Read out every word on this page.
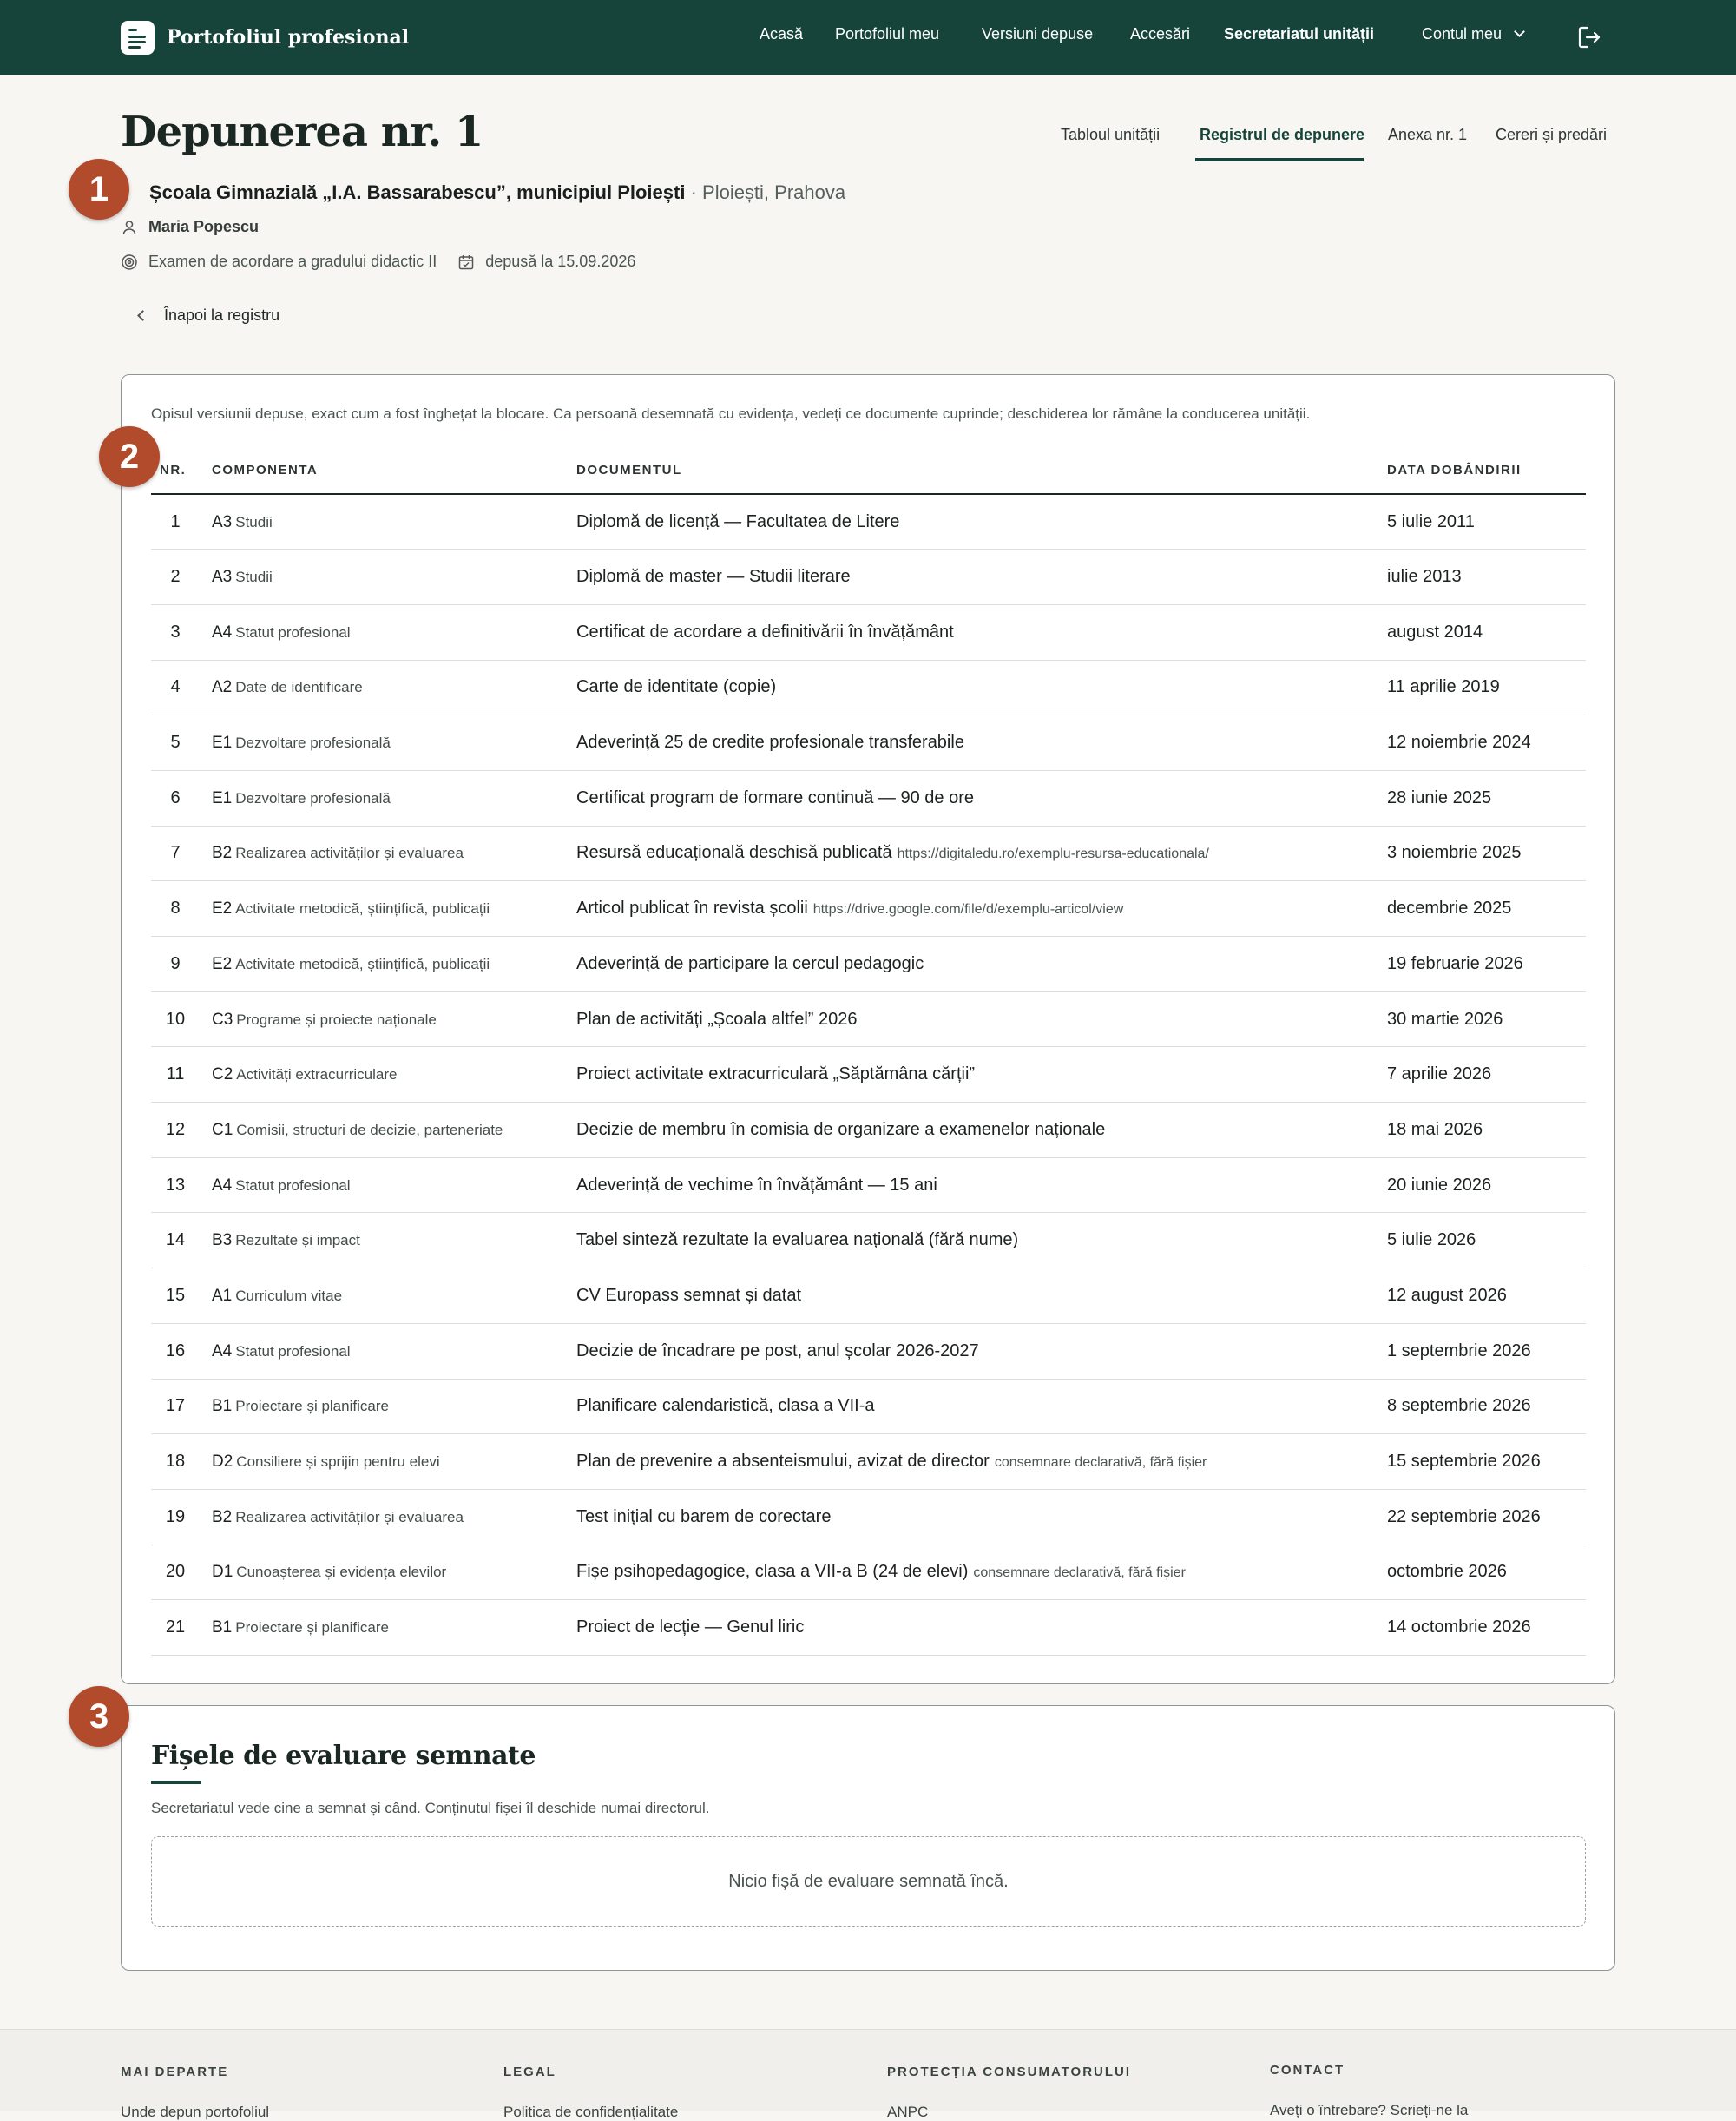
Portofoliul profesional	Acasă Portofoliul meu	Versiuni depuse Accesări Secretariatul unității	Contul meu
Depunerea nr. 1	Tabloul unității	Registrul de depunere Anexa nr. 1 Cereri și predări
1	Școala Gimnazială „I.A. Bassarabescu”, municipiul Ploiești · Ploiești, Prahova
Maria Popescu
Examen de acordare a gradului didactic II	depusă la 15.09.2026
Înapoi la registru
2

Opisul versiunii depuse, exact cum a fost înghețat la blocare. Ca persoană desemnată cu evidența, vedeți ce documente cuprinde; deschiderea lor rămâne la conducerea unității.

NR.	COMPONENTA	DOCUMENTUL	DATA DOBÂNDIRII
1	A3 Studii	Diplomă de licență — Facultatea de Litere	5 iulie 2011
2	A3 Studii	Diplomă de master — Studii literare	iulie 2013
3	A4 Statut profesional	Certificat de acordare a definitivării în învățământ	august 2014
4	A2 Date de identificare	Carte de identitate (copie)	11 aprilie 2019
5	E1 Dezvoltare profesională	Adeverință 25 de credite profesionale transferabile	12 noiembrie 2024
6	E1 Dezvoltare profesională	Certificat program de formare continuă — 90 de ore	28 iunie 2025
7	B2 Realizarea activităților și evaluarea	Resursă educațională deschisă publicată https://digitaledu.ro/exemplu-resursa-educationala/	3 noiembrie 2025
8	E2 Activitate metodică, științifică, publicații	Articol publicat în revista școlii https://drive.google.com/file/d/exemplu-articol/view	decembrie 2025
9	E2 Activitate metodică, științifică, publicații	Adeverință de participare la cercul pedagogic	19 februarie 2026
10	C3 Programe și proiecte naționale	Plan de activități „Școala altfel” 2026	30 martie 2026
11	C2 Activități extracurriculare	Proiect activitate extracurriculară „Săptămâna cărții”	7 aprilie 2026
12	C1 Comisii, structuri de decizie, parteneriate	Decizie de membru în comisia de organizare a examenelor naționale	18 mai 2026
13	A4 Statut profesional	Adeverință de vechime în învățământ — 15 ani	20 iunie 2026
14	B3 Rezultate și impact	Tabel sinteză rezultate la evaluarea națională (fără nume)	5 iulie 2026
15	A1 Curriculum vitae	CV Europass semnat și datat	12 august 2026
16	A4 Statut profesional	Decizie de încadrare pe post, anul școlar 2026-2027	1 septembrie 2026
17	B1 Proiectare și planificare	Planificare calendaristică, clasa a VII-a	8 septembrie 2026
18	D2 Consiliere și sprijin pentru elevi	Plan de prevenire a absenteismului, avizat de director consemnare declarativă, fără fișier	15 septembrie 2026
19	B2 Realizarea activităților și evaluarea	Test inițial cu barem de corectare	22 septembrie 2026
20	D1 Cunoașterea și evidența elevilor	Fișe psihopedagogice, clasa a VII-a B (24 de elevi) consemnare declarativă, fără fișier	octombrie 2026
21	B1 Proiectare și planificare	Proiect de lecție — Genul liric	14 octombrie 2026
3
Fișele de evaluare semnate

Secretariatul vede cine a semnat și când. Conținutul fișei îl deschide numai directorul.

Nicio fișă de evaluare semnată încă.
MAI DEPARTE
Unde depun portofoliul
LEGAL
Politica de confidențialitate
PROTECȚIA CONSUMATORULUI
ANPC
CONTACT
Aveți o întrebare? Scrieți-ne la
